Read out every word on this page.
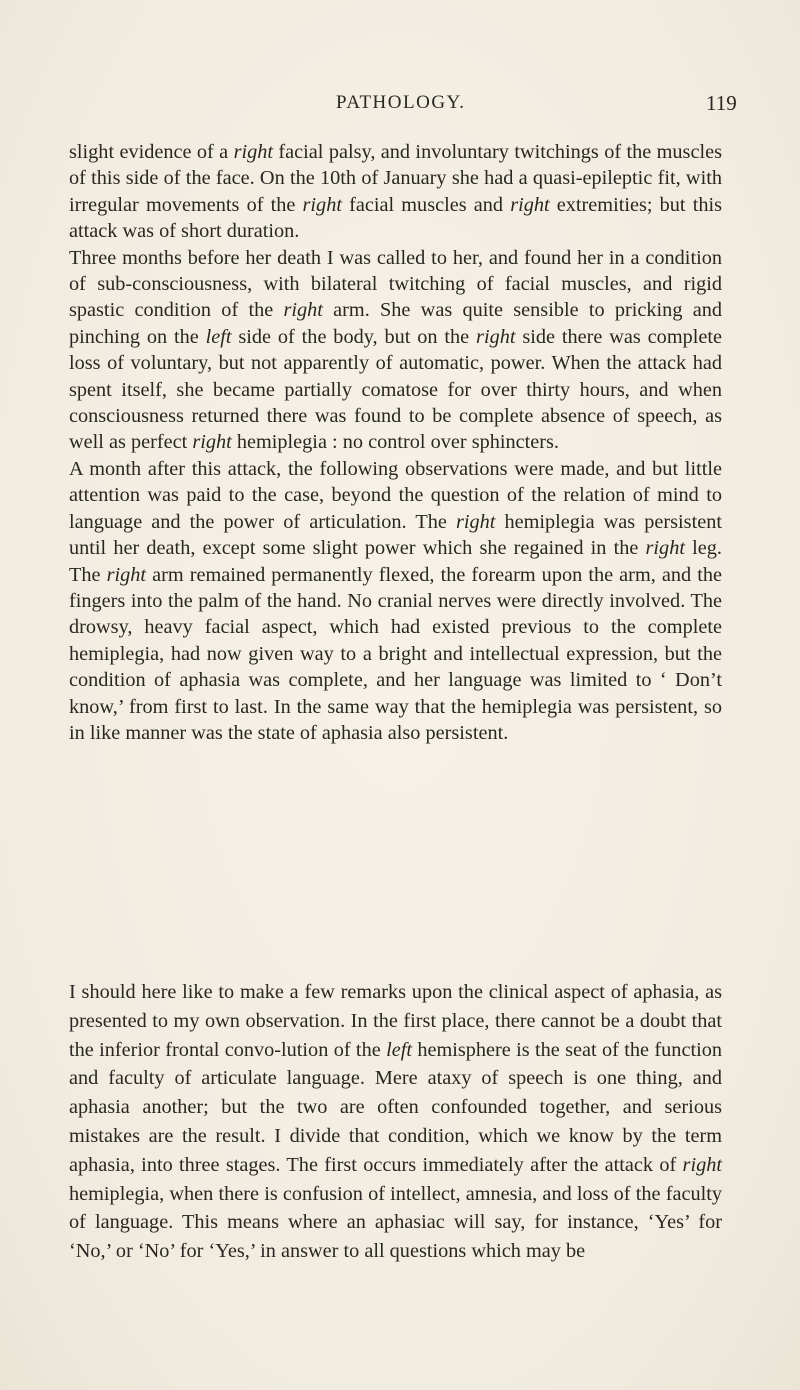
PATHOLOGY.	119

slight evidence of a right facial palsy, and involuntary twitchings of the muscles of this side of the face. On the 10th of January she had a quasi-epileptic fit, with irregular movements of the right facial muscles and right extremities; but this attack was of short duration.

Three months before her death I was called to her, and found her in a condition of sub-consciousness, with bilateral twitching of facial muscles, and rigid spastic condition of the right arm. She was quite sensible to pricking and pinching on the left side of the body, but on the right side there was complete loss of voluntary, but not apparently of automatic, power. When the attack had spent itself, she became partially comatose for over thirty hours, and when consciousness returned there was found to be complete absence of speech, as well as perfect right hemiplegia : no control over sphincters.

A month after this attack, the following observations were made, and but little attention was paid to the case, beyond the question of the relation of mind to language and the power of articulation. The right hemiplegia was persistent until her death, except some slight power which she regained in the right leg. The right arm remained permanently flexed, the forearm upon the arm, and the fingers into the palm of the hand. No cranial nerves were directly involved. The drowsy, heavy facial aspect, which had existed previous to the complete hemiplegia, had now given way to a bright and intellectual expression, but the condition of aphasia was complete, and her language was limited to ‘ Don’t know,’ from first to last. In the same way that the hemiplegia was persistent, so in like manner was the state of aphasia also persistent.

I should here like to make a few remarks upon the clinical aspect of aphasia, as presented to my own observation. In the first place, there cannot be a doubt that the inferior frontal convo-lution of the left hemisphere is the seat of the function and faculty of articulate language. Mere ataxy of speech is one thing, and aphasia another; but the two are often confounded together, and serious mistakes are the result. I divide that condition, which we know by the term aphasia, into three stages. The first occurs immediately after the attack of right hemiplegia, when there is confusion of intellect, amnesia, and loss of the faculty of language. This means where an aphasiac will say, for instance, ‘Yes’ for ‘No,’ or ‘No’ for ‘Yes,’ in answer to all questions which may be
